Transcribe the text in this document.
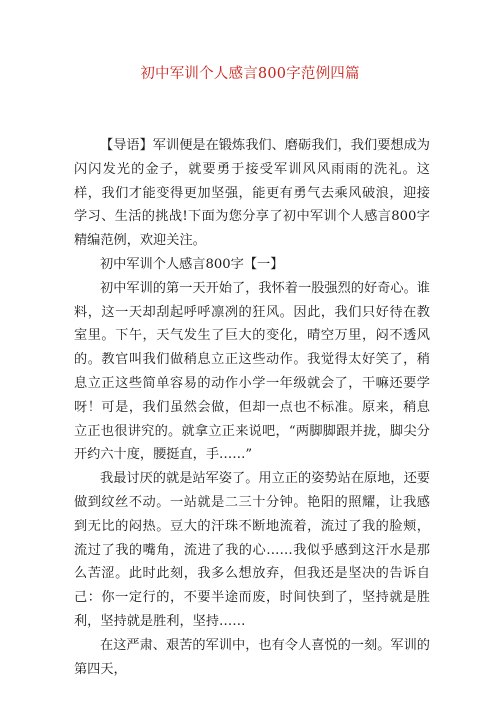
初中军训个人感言800字范例四篇

【导语】军训便是在锻炼我们、磨砺我们，我们要想成为闪闪发光的金子，就要勇于接受军训风风雨雨的洗礼。这样，我们才能变得更加坚强，能更有勇气去乘风破浪，迎接学习、生活的挑战!下面为您分享了初中军训个人感言800字精编范例，欢迎关注。

初中军训个人感言800字【一】

初中军训的第一天开始了，我怀着一股强烈的好奇心。谁料，这一天却刮起呼呼凛冽的狂风。因此，我们只好待在教室里。下午，天气发生了巨大的变化，晴空万里，闷不透风的。教官叫我们做稍息立正这些动作。我觉得太好笑了，稍息立正这些简单容易的动作小学一年级就会了，干嘛还要学呀！可是，我们虽然会做，但却一点也不标准。原来，稍息立正也很讲究的。就拿立正来说吧，“两脚脚跟并拢，脚尖分开约六十度，腰挺直，手……”

我最讨厌的就是站军姿了。用立正的姿势站在原地，还要做到纹丝不动。一站就是二三十分钟。艳阳的照耀，让我感到无比的闷热。豆大的汗珠不断地流着，流过了我的脸颊，流过了我的嘴角，流进了我的心……我似乎感到这汗水是那么苦涩。此时此刻，我多么想放弃，但我还是坚决的告诉自己：你一定行的，不要半途而废，时间快到了，坚持就是胜利，坚持就是胜利，坚持……

在这严肃、艰苦的军训中，也有令人喜悦的一刻。军训的第四天，
